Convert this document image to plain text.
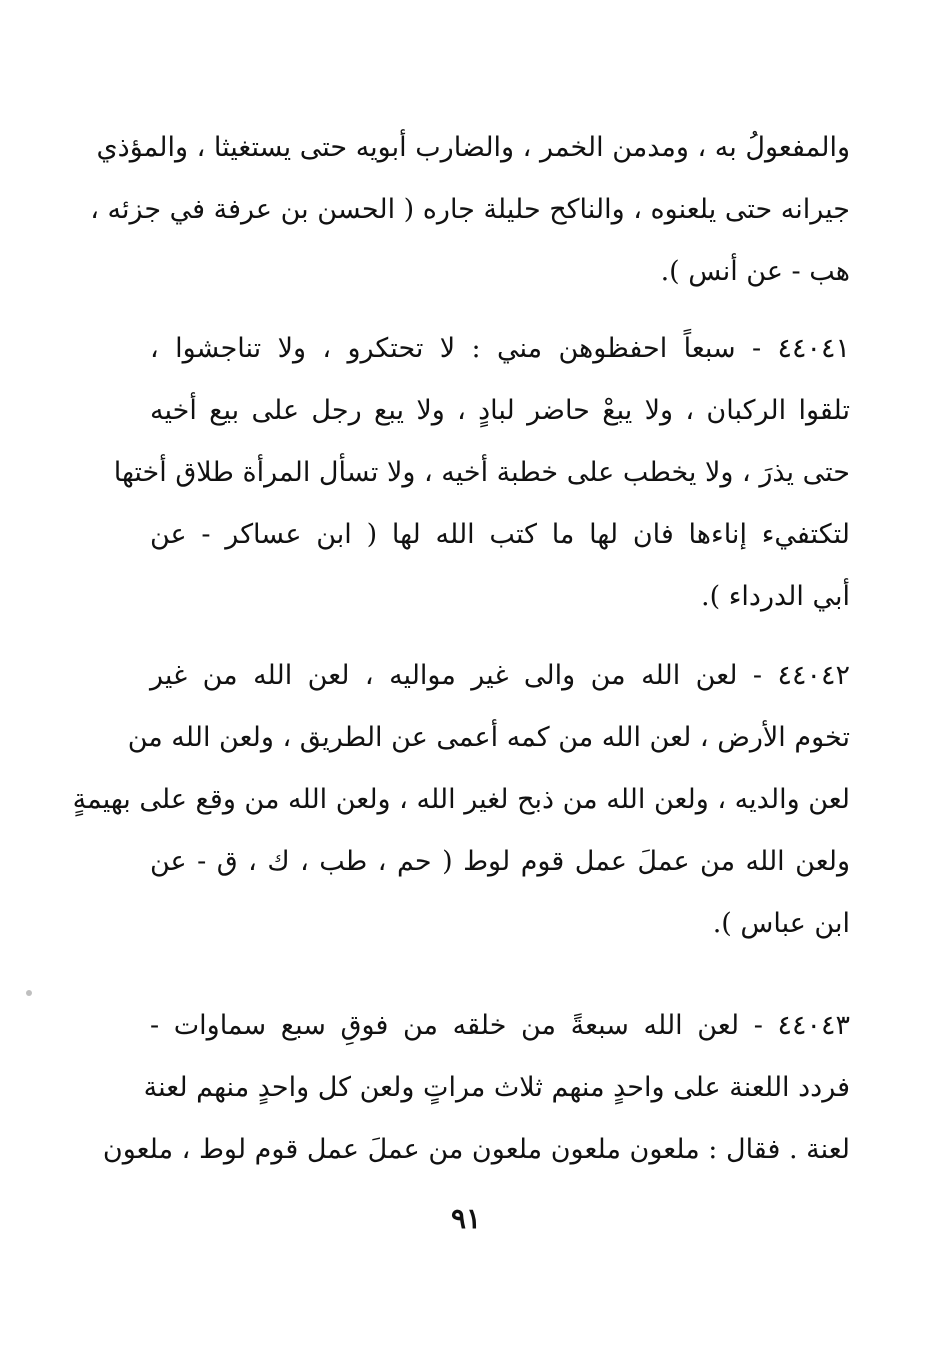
والمفعولُ به ، ومدمن الخمر ، والضارب أبويه حتى يستغيثا ، والمؤذي
جيرانه حتى يلعنوه ، والناكح حليلة جاره ( الحسن بن عرفة في جزئه ،
هب - عن أنس ).
٤٤٠٤١ - سبعاً احفظوهن مني : لا تحتكرو ، ولا تناجشوا ،
تلقوا الركبان ، ولا يبعْ حاضر لبادٍ ، ولا يبع رجل على بيع أخيه
حتى يذرَ ، ولا يخطب على خطبة أخيه ، ولا تسأل المرأة طلاق أختها
لتكتفيء إناءها فان لها ما كتب الله لها ( ابن عساكر - عن
أبي الدرداء ).
٤٤٠٤٢ - لعن الله من والى غير مواليه ، لعن الله من غير
تخوم الأرض ، لعن الله من كمه أعمى عن الطريق ، ولعن الله من
لعن والديه ، ولعن الله من ذبح لغير الله ، ولعن الله من وقع على بهيمةٍ
ولعن الله من عملَ عمل قوم لوط ( حم ، طب ، ك ، ق - عن
ابن عباس ).
٤٤٠٤٣ - لعن الله سبعةً من خلقه من فوقِ سبع سماوات -
فردد اللعنة على واحدٍ منهم ثلاث مراتٍ ولعن كل واحدٍ منهم لعنة
لعنة . فقال : ملعون ملعون ملعون من عملَ عمل قوم لوط ، ملعون
٩١
